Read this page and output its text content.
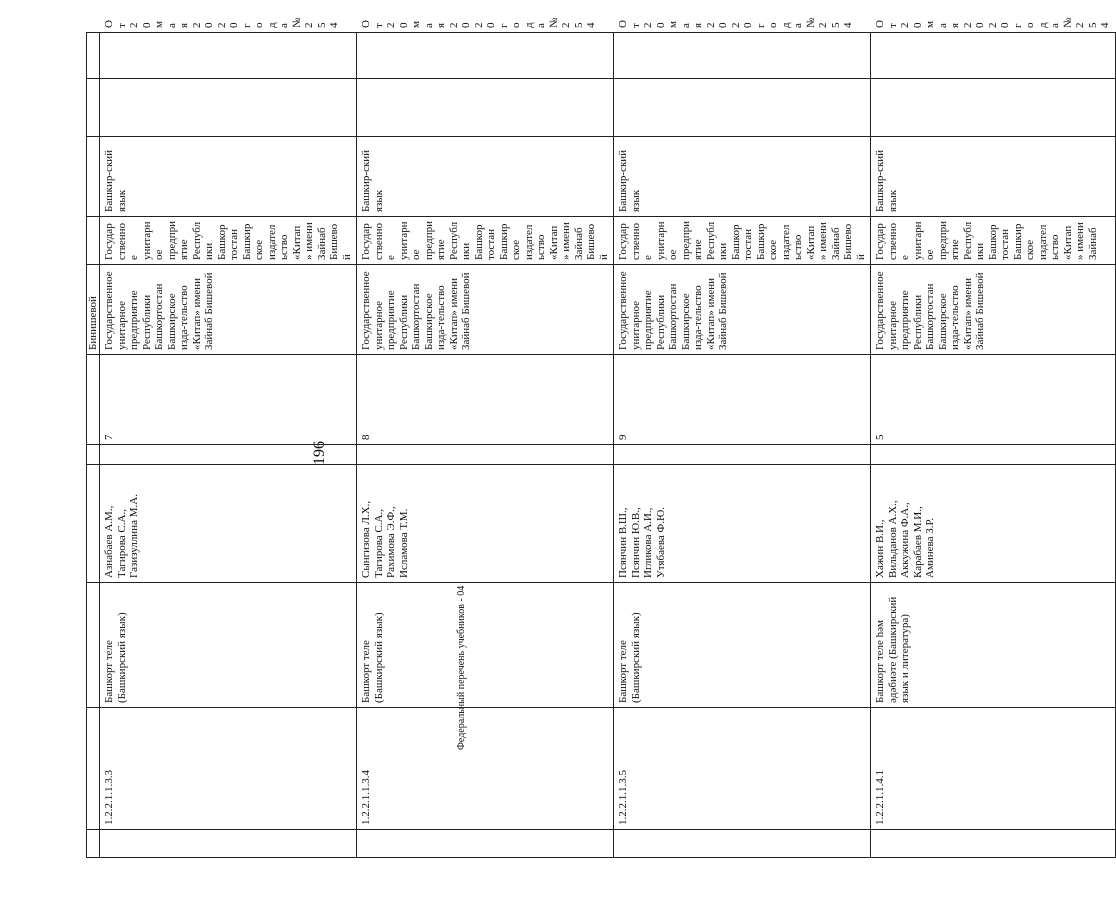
196
Федеральный перечень учебников - 04
						Бинишевой					
	1.2.2.1.1.3.3	Башкорт теле (Башкирский язык)	Азнабаев А.М.,
Тагирова С.А.,
Газизуллина М.А.		7	Государственное унитарное предприятие Республики Башкортостан Башкирское изда-тельство «Китап» имени Зайнаб Бишевой	Государственное унитарное предприятие Республики Башкортостан Башкирское издательство «Китап» имени Зайнаб Бишевой	Башкир-ский язык			От 20 мая 2020 года № 254	
	1.2.2.1.1.3.4	Башкорт теле (Башкирский язык)	Сынгизова Л.Х.,
Тагирова С.А.,
Рахимова Э.Ф.,
Исламова Т.М.		8	Государственное унитарное предприятие Республики Башкортостан Башкирское изда-тельство «Китап» имени Зайнаб Бишевой	Государственное унитарное предприятие Республики Башкортостан Башкирское издательство «Китап» имени Зайнаб Бишевой	Башкир-ский язык			От 20 мая 2020 года № 254	
	1.2.2.1.1.3.5	Башкорт теле (Башкирский язык)	Псянчин В.Ш.,
Псянчин Ю.В.,
Игликова А.И.,
Утябаева Ф.Ю.		9	Государственное унитарное предприятие Республики Башкортостан Башкирское изда-тельство «Китап» имени Зайнаб Бишевой	Государственное унитарное предприятие Республики Башкортостан Башкирское издательство «Китап» имени Зайнаб Бишевой	Башкир-ский язык			От 20 мая 2020 года № 254	
	1.2.2.1.1.4.1	Башкорт теле hәм әдәбиәте (Башкирский язык и литература)	Хажин В.И.,
Вильданов А.Х.,
Аккужина Ф.А.,
Карабаев М.И.,
Аминева З.Р.		5	Государственное унитарное предприятие Республики Башкортостан Башкирское изда-тельство «Китап» имени Зайнаб Бишевой	Государственное унитарное предприятие Республики Башкортостан Башкирское издательство «Китап» имени Зайнаб	Башкир-ский язык			От 20 мая 2020 года № 254	
